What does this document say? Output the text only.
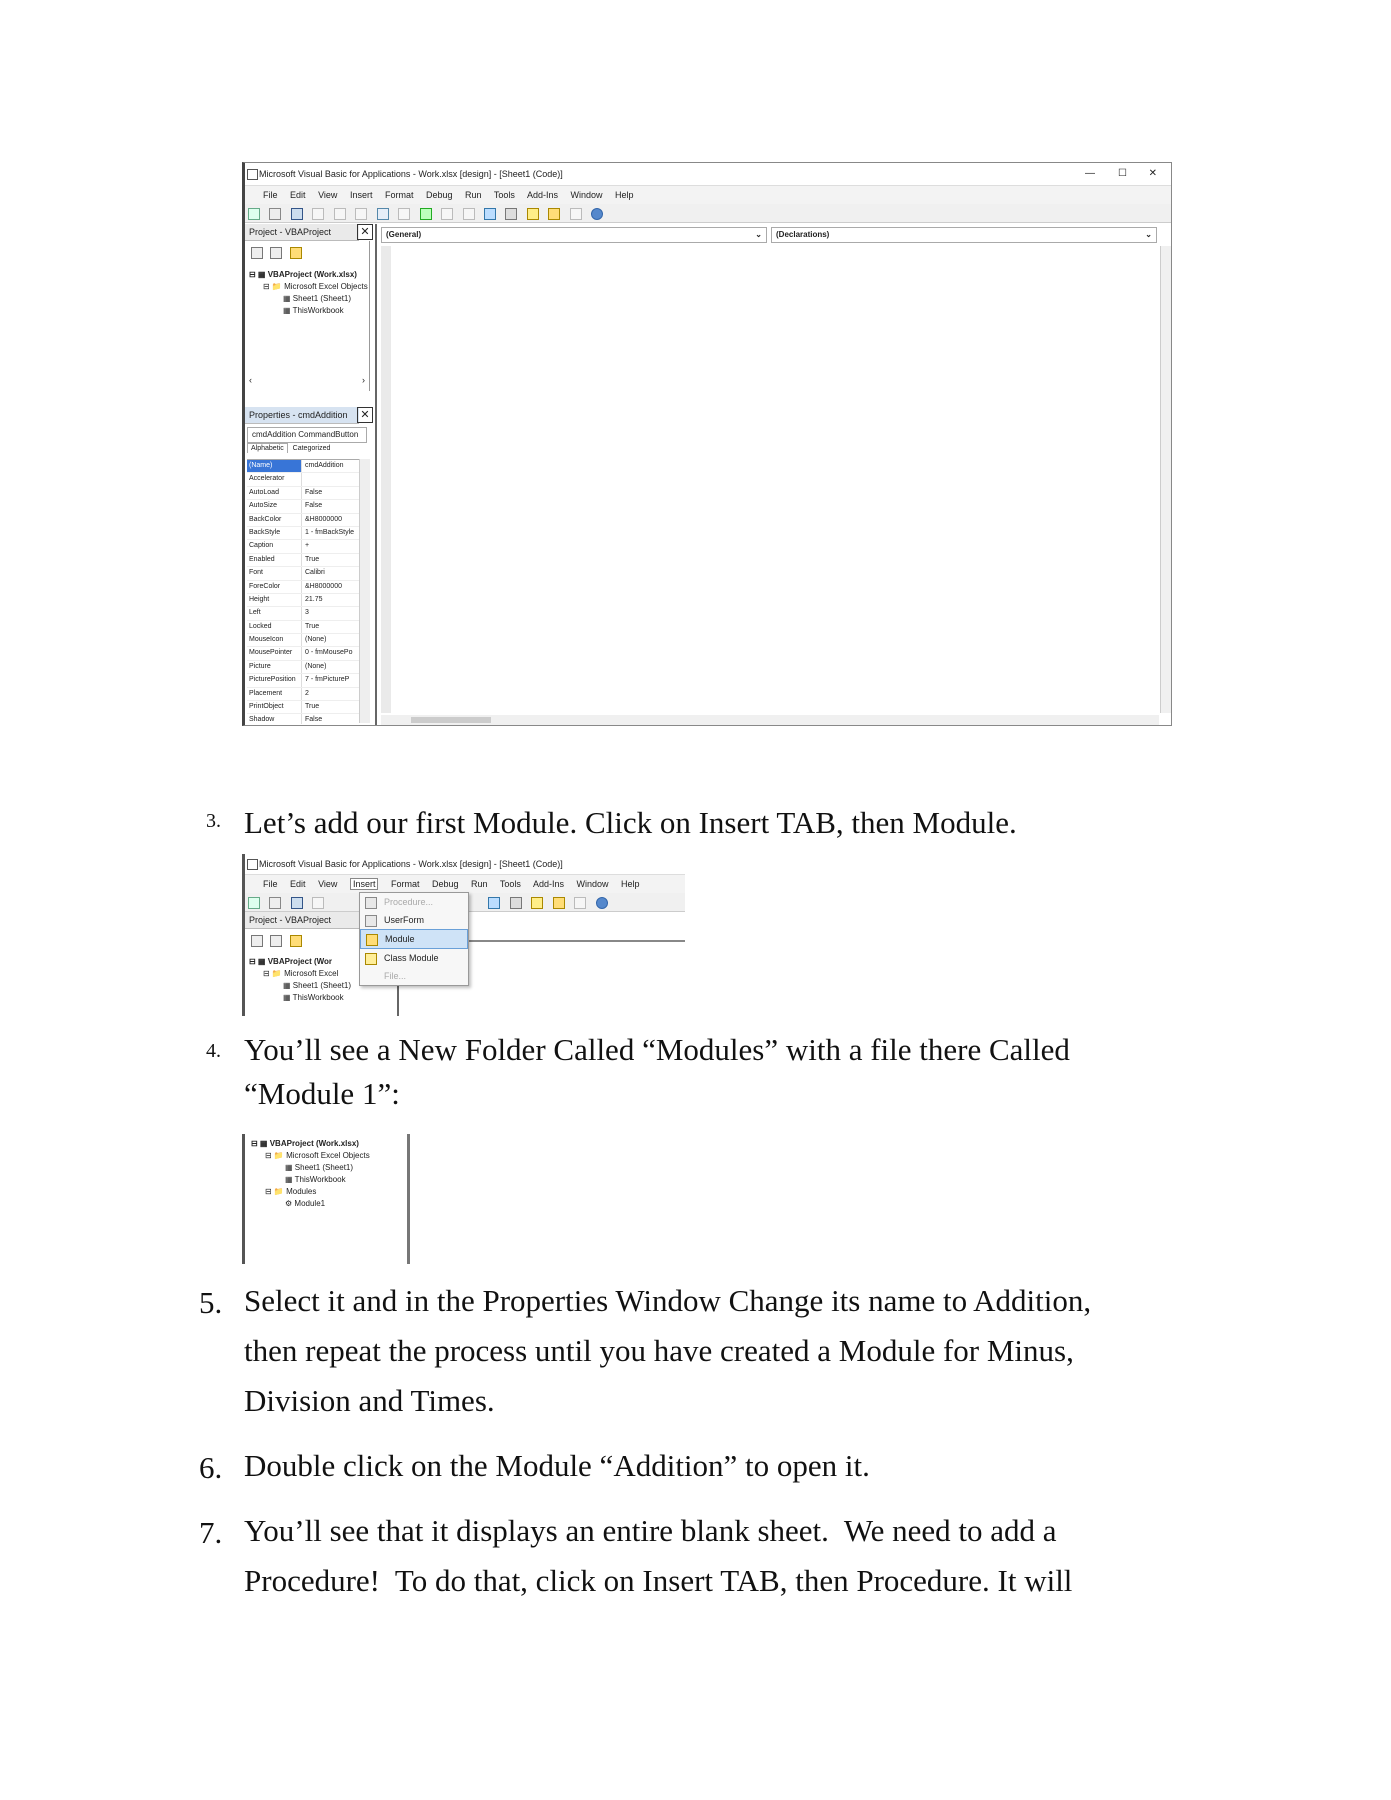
Microsoft Visual Basic for Applications - Work.xlsx [design] - [Sheet1 (Code)]	— ☐ ✕
File Edit View Insert Format Debug Run Tools Add-Ins Window Help

Project - VBAProject	✕

⊟ ▦ VBAProject (Work.xlsx)
⊟ 📁 Microsoft Excel Objects
▦ Sheet1 (Sheet1)
▦ ThisWorkbook
‹	›
Properties - cmdAddition	✕
cmdAddition CommandButton
Alphabetic Categorized
(Name)	cmdAddition
Accelerator
AutoLoad	False
AutoSize	False
BackColor	&H8000000
BackStyle	1 - fmBackStyle
Caption	+
Enabled	True
Font	Calibri
ForeColor	&H8000000
Height	21.75
Left	3
Locked	True
MouseIcon	(None)
MousePointer	0 - fmMousePo
Picture	(None)
PicturePosition	7 - fmPictureP
Placement	2
PrintObject	True
Shadow	False
(General)	⌄	(Declarations)	⌄
3. Let’s add our first Module. Click on Insert TAB, then Module.
Microsoft Visual Basic for Applications - Work.xlsx [design] - [Sheet1 (Code)]
File Edit View Insert Format Debug Run Tools Add-Ins Window Help

Project - VBAProject

⊟ ▦ VBAProject (Wor
⊟ 📁 Microsoft Excel
▦ Sheet1 (Sheet1)
▦ ThisWorkbook
Procedure...
UserForm
Module
Class Module
File...
4. You’ll see a New Folder Called “Modules” with a file there Called
“Module 1”:
⊟ ▦ VBAProject (Work.xlsx)
⊟ 📁 Microsoft Excel Objects
▦ Sheet1 (Sheet1)
▦ ThisWorkbook
⊟ 📁 Modules
⚙ Module1
5. Select it and in the Properties Window Change its name to Addition,
then repeat the process until you have created a Module for Minus,
Division and Times.
6. Double click on the Module “Addition” to open it.
7. You’ll see that it displays an entire blank sheet.  We need to add a
Procedure!  To do that, click on Insert TAB, then Procedure. It will
